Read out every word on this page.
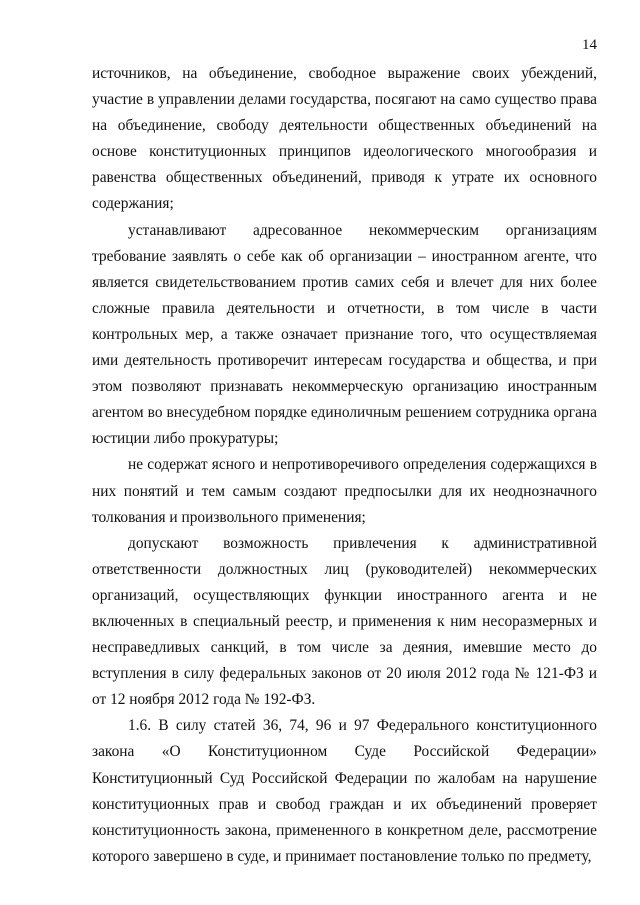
14

источников, на объединение, свободное выражение своих убеждений, участие в управлении делами государства, посягают на само существо права на объединение, свободу деятельности общественных объединений на основе конституционных принципов идеологического многообразия и равенства общественных объединений, приводя к утрате их основного содержания;

устанавливают адресованное некоммерческим организациям требование заявлять о себе как об организации – иностранном агенте, что является свидетельствованием против самих себя и влечет для них более сложные правила деятельности и отчетности, в том числе в части контрольных мер, а также означает признание того, что осуществляемая ими деятельность противоречит интересам государства и общества, и при этом позволяют признавать некоммерческую организацию иностранным агентом во внесудебном порядке единоличным решением сотрудника органа юстиции либо прокуратуры;

не содержат ясного и непротиворечивого определения содержащихся в них понятий и тем самым создают предпосылки для их неоднозначного толкования и произвольного применения;

допускают возможность привлечения к административной ответственности должностных лиц (руководителей) некоммерческих организаций, осуществляющих функции иностранного агента и не включенных в специальный реестр, и применения к ним несоразмерных и несправедливых санкций, в том числе за деяния, имевшие место до вступления в силу федеральных законов от 20 июля 2012 года № 121-ФЗ и от 12 ноября 2012 года № 192-ФЗ.

1.6. В силу статей 36, 74, 96 и 97 Федерального конституционного закона «О Конституционном Суде Российской Федерации» Конституционный Суд Российской Федерации по жалобам на нарушение конституционных прав и свобод граждан и их объединений проверяет конституционность закона, примененного в конкретном деле, рассмотрение которого завершено в суде, и принимает постановление только по предмету,
